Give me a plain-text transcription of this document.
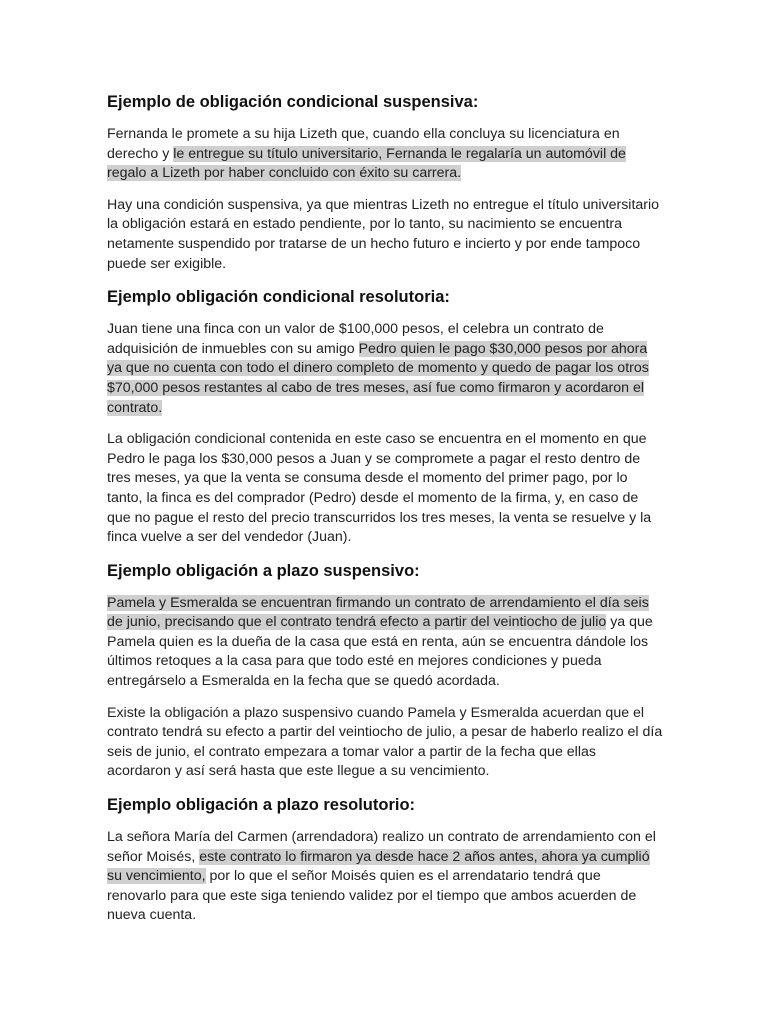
Ejemplo de obligación condicional suspensiva:

Fernanda le promete a su hija Lizeth que, cuando ella concluya su licenciatura en derecho y le entregue su título universitario, Fernanda le regalaría un automóvil de regalo a Lizeth por haber concluido con éxito su carrera.

Hay una condición suspensiva, ya que mientras Lizeth no entregue el título universitario la obligación estará en estado pendiente, por lo tanto, su nacimiento se encuentra netamente suspendido por tratarse de un hecho futuro e incierto y por ende tampoco puede ser exigible.

Ejemplo obligación condicional resolutoria:

Juan tiene una finca con un valor de $100,000 pesos, el celebra un contrato de adquisición de inmuebles con su amigo Pedro quien le pago $30,000 pesos por ahora ya que no cuenta con todo el dinero completo de momento y quedo de pagar los otros $70,000 pesos restantes al cabo de tres meses, así fue como firmaron y acordaron el contrato.

La obligación condicional contenida en este caso se encuentra en el momento en que Pedro le paga los $30,000 pesos a Juan y se compromete a pagar el resto dentro de tres meses, ya que la venta se consuma desde el momento del primer pago, por lo tanto, la finca es del comprador (Pedro) desde el momento de la firma, y, en caso de que no pague el resto del precio transcurridos los tres meses, la venta se resuelve y la finca vuelve a ser del vendedor (Juan).

Ejemplo obligación a plazo suspensivo:

Pamela y Esmeralda se encuentran firmando un contrato de arrendamiento el día seis de junio, precisando que el contrato tendrá efecto a partir del veintiocho de julio ya que Pamela quien es la dueña de la casa que está en renta, aún se encuentra dándole los últimos retoques a la casa para que todo esté en mejores condiciones y pueda entregárselo a Esmeralda en la fecha que se quedó acordada.

Existe la obligación a plazo suspensivo cuando Pamela y Esmeralda acuerdan que el contrato tendrá su efecto a partir del veintiocho de julio, a pesar de haberlo realizo el día seis de junio, el contrato empezara a tomar valor a partir de la fecha que ellas acordaron y así será hasta que este llegue a su vencimiento.

Ejemplo obligación a plazo resolutorio:

La señora María del Carmen (arrendadora) realizo un contrato de arrendamiento con el señor Moisés, este contrato lo firmaron ya desde hace 2 años antes, ahora ya cumplió su vencimiento, por lo que el señor Moisés quien es el arrendatario tendrá que renovarlo para que este siga teniendo validez por el tiempo que ambos acuerden de nueva cuenta.
